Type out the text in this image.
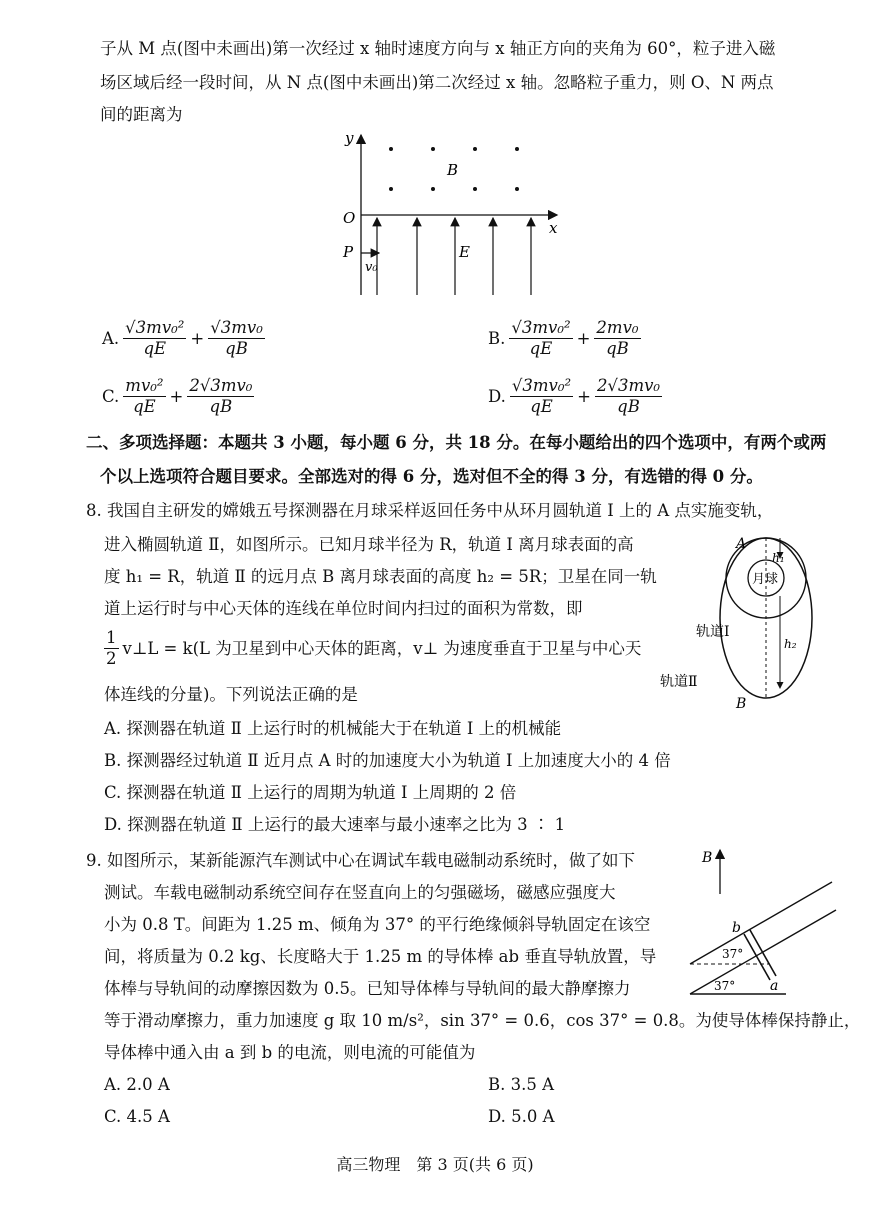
子从 M 点(图中未画出)第一次经过 x 轴时速度方向与 x 轴正方向的夹角为 60°，粒子进入磁
场区域后经一段时间，从 N 点(图中未画出)第二次经过 x 轴。忽略粒子重力，则 O、N 两点
间的距离为
y
x
O
P
B
E
v₀
A. $\frac{\text{√3mv₀²}}{qE} + \frac{\text{√3mv₀}}{qB}$	B. $\frac{\text{√3mv₀²}}{qE} + \frac{\text{2mv₀}}{qB}$
C. $\frac{\text{mv₀²}}{qE} + \frac{\text{2√3mv₀}}{qB}$	D. $\frac{\text{√3mv₀²}}{qE} + \frac{\text{2√3mv₀}}{qB}$
二、多项选择题：本题共 3 小题，每小题 6 分，共 18 分。在每小题给出的四个选项中，有两个或两
个以上选项符合题目要求。全部选对的得 6 分，选对但不全的得 3 分，有选错的得 0 分。
8. 我国自主研发的嫦娥五号探测器在月球采样返回任务中从环月圆轨道 Ⅰ 上的 A 点实施变轨，
进入椭圆轨道 Ⅱ，如图所示。已知月球半径为 R，轨道 Ⅰ 离月球表面的高
度 h₁ = R，轨道 Ⅱ 的远月点 B 离月球表面的高度 h₂ = 5R；卫星在同一轨
道上运行时与中心天体的连线在单位时间内扫过的面积为常数，即
$\frac{1}{2}$ v⊥L = k(L 为卫星到中心天体的距离，v⊥ 为速度垂直于卫星与中心天
体连线的分量)。下列说法正确的是
A. 探测器在轨道 Ⅱ 上运行时的机械能大于在轨道 Ⅰ 上的机械能
B. 探测器经过轨道 Ⅱ 近月点 A 时的加速度大小为轨道 Ⅰ 上加速度大小的 4 倍
C. 探测器在轨道 Ⅱ 上运行的周期为轨道 Ⅰ 上周期的 2 倍
D. 探测器在轨道 Ⅱ 上运行的最大速率与最小速率之比为 3 ∶ 1
A
B
h₁
h₂
月球
轨道Ⅰ
轨道Ⅱ
9. 如图所示，某新能源汽车测试中心在调试车载电磁制动系统时，做了如下
测试。车载电磁制动系统空间存在竖直向上的匀强磁场，磁感应强度大
小为 0.8 T。间距为 1.25 m、倾角为 37° 的平行绝缘倾斜导轨固定在该空
间，将质量为 0.2 kg、长度略大于 1.25 m 的导体棒 ab 垂直导轨放置，导
体棒与导轨间的动摩擦因数为 0.5。已知导体棒与导轨间的最大静摩擦力
等于滑动摩擦力，重力加速度 g 取 10 m/s²，sin 37° = 0.6，cos 37° = 0.8。为使导体棒保持静止，
导体棒中通入由 a 到 b 的电流，则电流的可能值为
A. 2.0 A	B. 3.5 A
C. 4.5 A	D. 5.0 A
B
b
a
37°
37°
高三物理　第 3 页(共 6 页)
